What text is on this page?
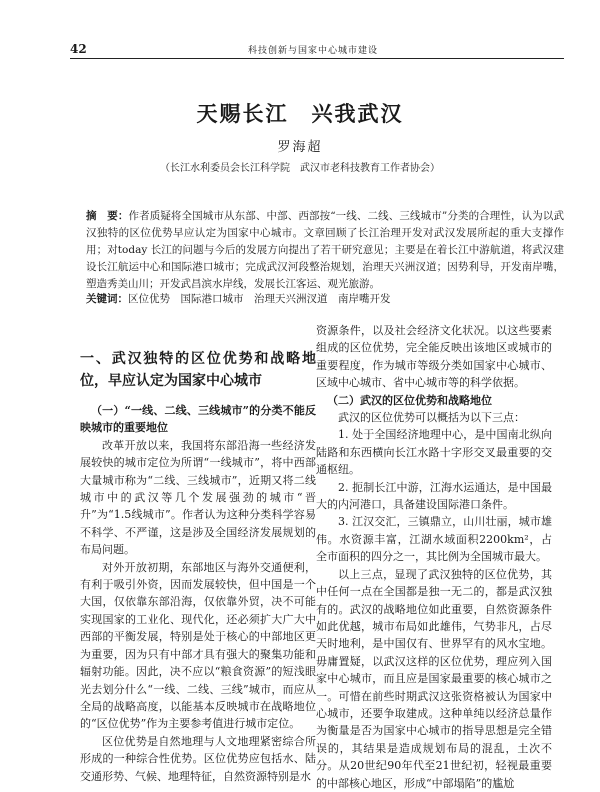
42	科技创新与国家中心城市建设
天赐长江　兴我武汉
罗海超
（长江水利委员会长江科学院　武汉市老科技教育工作者协会）

摘　要：作者质疑将全国城市从东部、中部、西部按“一线、二线、三线城市”分类的合理性，认为以武汉独特的区位优势早应认定为国家中心城市。文章回顾了长江治理开发对武汉发展所起的重大支撑作用；对today 长江的问题与今后的发展方向提出了若干研究意见；主要是在着长江中游航道，将武汉建设长江航运中心和国际港口城市；完成武汉河段整治规划，治理天兴洲汊道；因势利导，开发南岸嘴，塑造秀美山川；开发武昌滨水岸线，发展长江客运、观光旅游。

关键词：区位优势　国际港口城市　治理天兴洲汊道　南岸嘴开发

一、武汉独特的区位优势和战略地位，早应认定为国家中心城市

（一）“一线、二线、三线城市”的分类不能反映城市的重要地位

改革开放以来，我国将东部沿海一些经济发展较快的城市定位为所谓“一线城市”，将中西部大量城市称为“二线、三线城市”，近期又将二线城市中的武汉等几个发展强劲的城市“晋升”为“1.5线城市”。作者认为这种分类科学容易不科学、不严谨，这是涉及全国经济发展规划的布局问题。

对外开放初期，东部地区与海外交通便利，有利于吸引外资，因而发展较快，但中国是一个大国，仅依靠东部沿海，仅依靠外贸，决不可能实现国家的工业化、现代化，还必须扩大广大中西部的平衡发展，特别是处于核心的中部地区更为重要，因为只有中部才具有强大的聚集功能和辐射功能。因此，决不应以“粮食资源”的短浅眼光去划分什么“一线、二线、三线”城市，而应从全局的战略高度，以能基本反映城市在战略地位的“区位优势”作为主要参考值进行城市定位。

区位优势是自然地理与人文地理紧密综合所形成的一种综合性优势。区位优势应包括水、陆交通形势、气候、地理特征，自然资源特别是水

资源条件，以及社会经济文化状况。以这些要素组成的区位优势，完全能反映出该地区或城市的重要程度，作为城市等级分类如国家中心城市、区域中心城市、省中心城市等的科学依据。

（二）武汉的区位优势和战略地位

武汉的区位优势可以概括为以下三点：

1. 处于全国经济地理中心，是中国南北纵向陆路和东西横向长江水路十字形交叉最重要的交通枢纽。

2. 扼制长江中游，江海水运通达，是中国最大的内河港口，具备建设国际港口条件。

3. 江汉交汇，三镇鼎立，山川壮丽，城市雄伟。水资源丰富，江湖水域面积2200km²，占全市面积的四分之一，其比例为全国城市最大。

以上三点，显现了武汉独特的区位优势，其中任何一点在全国都是独一无二的，都是武汉独有的。武汉的战略地位如此重要，自然资源条件如此优越，城市布局如此雄伟，气势非凡，占尽天时地利，是中国仅有、世界罕有的风水宝地。毋庸置疑，以武汉这样的区位优势，理应列入国家中心城市，而且应是国家最重要的核心城市之一。可惜在前些时期武汉这张资格被认为国家中心城市，还要争取建成。这种单纯以经济总量作为衡量是否为国家中心城市的指导思想是完全错误的，其结果是造成规划布局的混乱，土次不分。从20世纪90年代至21世纪初，轻视最重要的中部核心地区，形成“中部塌陷”的尴尬
